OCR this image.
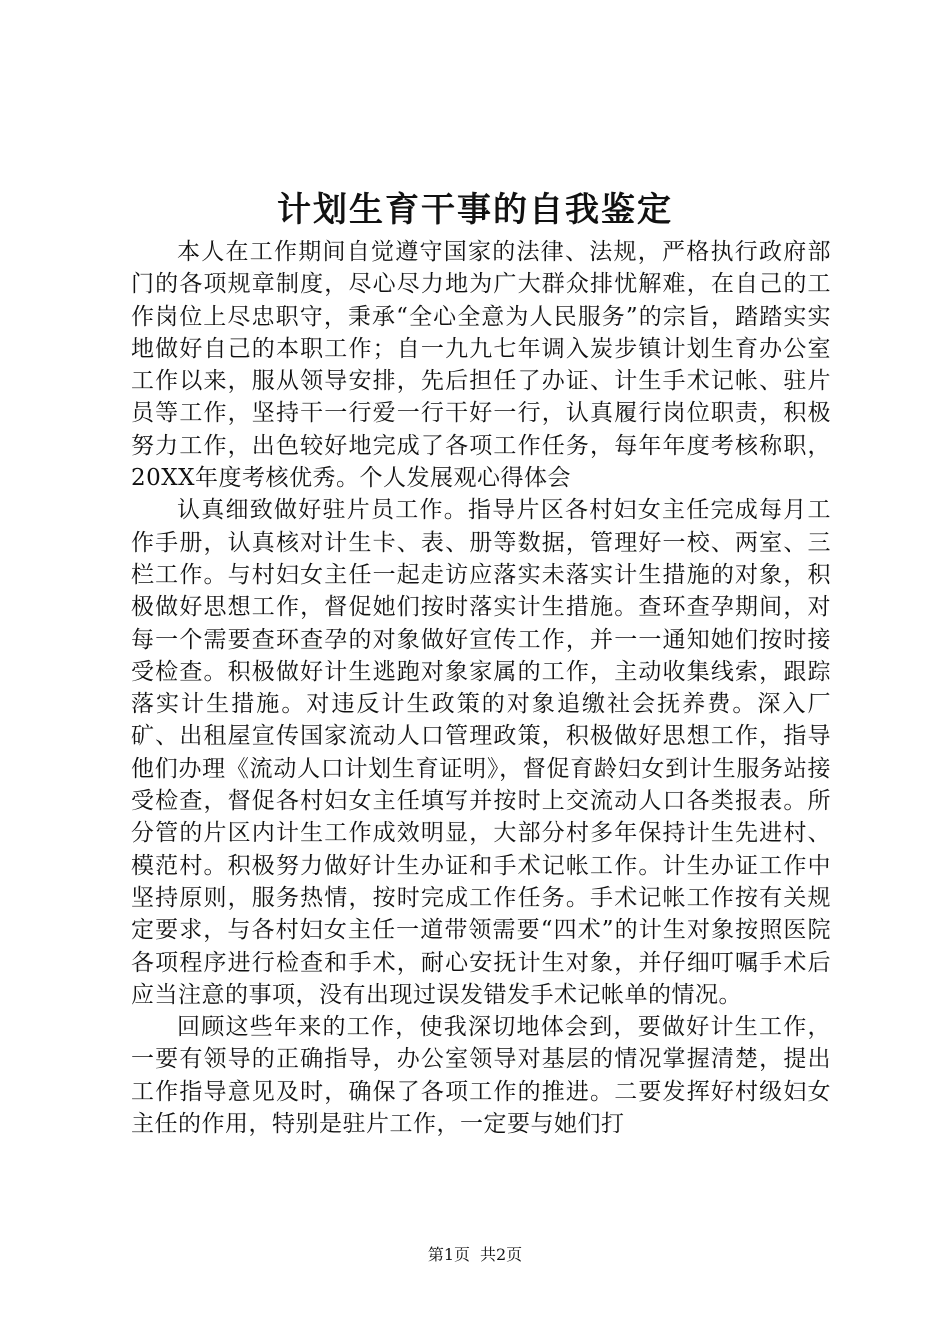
计划生育干事的自我鉴定

本人在工作期间自觉遵守国家的法律、法规，严格执行政府部门的各项规章制度，尽心尽力地为广大群众排忧解难，在自己的工作岗位上尽忠职守，秉承“全心全意为人民服务”的宗旨，踏踏实实地做好自己的本职工作；自一九九七年调入炭步镇计划生育办公室工作以来，服从领导安排，先后担任了办证、计生手术记帐、驻片员等工作，坚持干一行爱一行干好一行，认真履行岗位职责，积极努力工作，出色较好地完成了各项工作任务，每年年度考核称职，20XX年度考核优秀。个人发展观心得体会

认真细致做好驻片员工作。指导片区各村妇女主任完成每月工作手册，认真核对计生卡、表、册等数据，管理好一校、两室、三栏工作。与村妇女主任一起走访应落实未落实计生措施的对象，积极做好思想工作，督促她们按时落实计生措施。查环查孕期间，对每一个需要查环查孕的对象做好宣传工作，并一一通知她们按时接受检查。积极做好计生逃跑对象家属的工作，主动收集线索，跟踪落实计生措施。对违反计生政策的对象追缴社会抚养费。深入厂矿、出租屋宣传国家流动人口管理政策，积极做好思想工作，指导他们办理《流动人口计划生育证明》，督促育龄妇女到计生服务站接受检查，督促各村妇女主任填写并按时上交流动人口各类报表。所分管的片区内计生工作成效明显，大部分村多年保持计生先进村、模范村。积极努力做好计生办证和手术记帐工作。计生办证工作中坚持原则，服务热情，按时完成工作任务。手术记帐工作按有关规定要求，与各村妇女主任一道带领需要“四术”的计生对象按照医院各项程序进行检查和手术，耐心安抚计生对象，并仔细叮嘱手术后应当注意的事项，没有出现过误发错发手术记帐单的情况。

回顾这些年来的工作，使我深切地体会到，要做好计生工作，一要有领导的正确指导，办公室领导对基层的情况掌握清楚，提出工作指导意见及时，确保了各项工作的推进。二要发挥好村级妇女主任的作用，特别是驻片工作，一定要与她们打

第1页 共2页
